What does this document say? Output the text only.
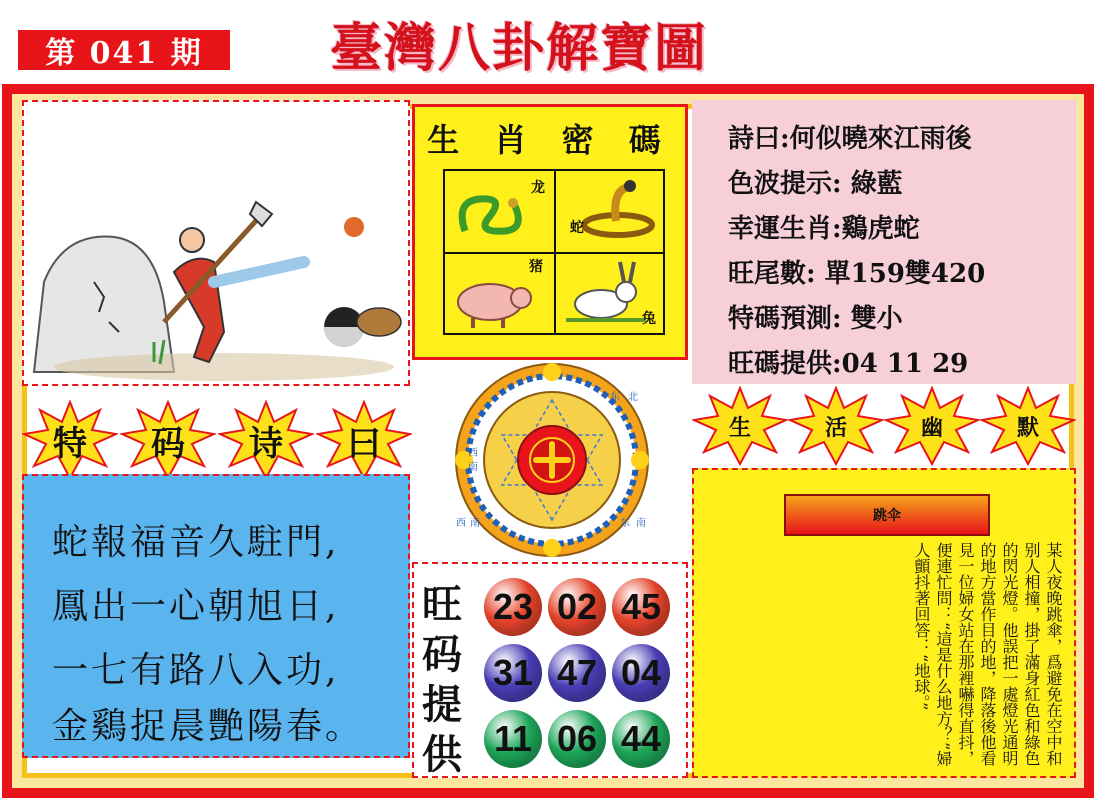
第 041 期	臺灣八卦解寶圖
生 肖 密 碼
龙
蛇
猪
兔
詩曰:何似曉來江雨後
色波提示: 綠藍
幸運生肖:鷄虎蛇
旺尾數: 單159雙420
特碼預測: 雙小
旺碼提供:04 11 29
特	码	诗	曰
蛇報福音久駐門,
鳳出一心朝旭日,
一七有路八入功,
金鷄捉晨艷陽春。
东 北
西
南
西 南	东 南
生	活	幽	默
跳伞
某人夜晚跳傘，爲避免在空中和别人相撞，掛了滿身紅色和綠色的閃光燈。他誤把一處燈光通明的地方當作目的地，降落後他看見一位婦女站在那裡嚇得直抖，便連忙問：“這是什么地方？”婦人顫抖著回答：“地球。”
旺码提供
23 02 45
31 47 04
11 06 44
